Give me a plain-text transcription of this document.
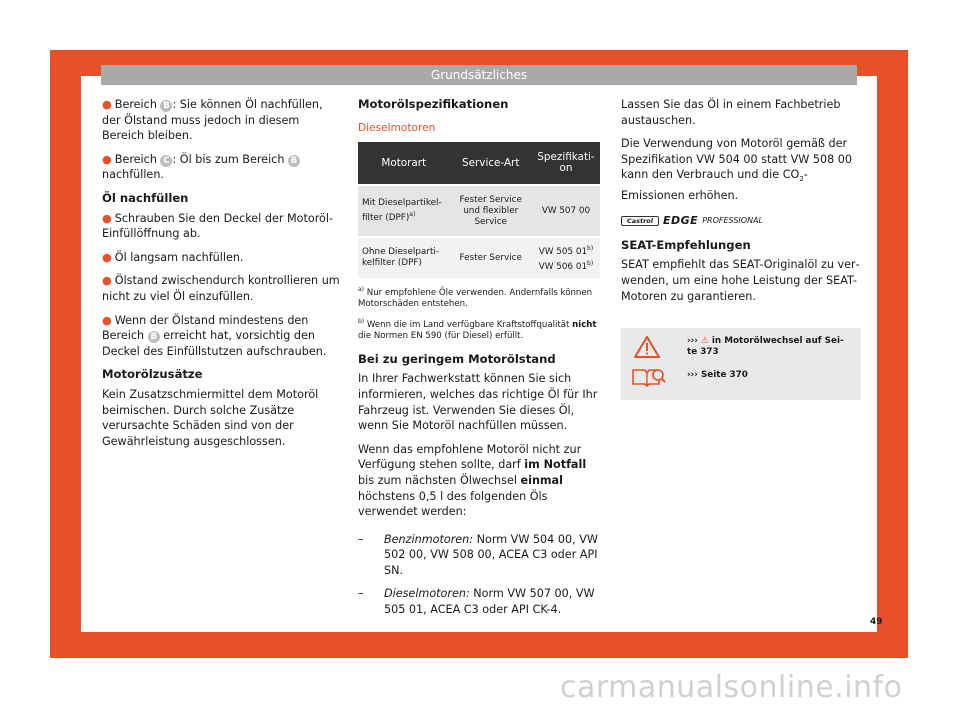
Grundsätzliches

● Bereich B : Sie können Öl nachfüllen, der Ölstand muss jedoch in diesem Bereich bleiben.

● Bereich C : Öl bis zum Bereich B nachfüllen.

Öl nachfüllen

● Schrauben Sie den Deckel der Motoröl-Einfüllöffnung ab.

● Öl langsam nachfüllen.

● Ölstand zwischendurch kontrollieren um nicht zu viel Öl einzufüllen.

● Wenn der Ölstand mindestens den Bereich B erreicht hat, vorsichtig den Deckel des Einfüllstutzen aufschrauben.

Motorölzusätze

Kein Zusatzschmiermittel dem Motoröl beimischen. Durch solche Zusätze verursachte Schäden sind von der Gewährleistung ausgeschlossen.

Motorölspezifikationen
Dieselmotoren
Motorart	Service-Art	Spezifikation

Mit Dieselpartikelfilter (DPF)$^{a)}$	Fester Service und flexibler Service	VW 507 00

Ohne Dieselpartikelfilter (DPF)	Fester Service	VW 505 01$^{b)}$
VW 506 01$^{b)}$
$^{a)}$ Nur empfohlene Öle verwenden. Andernfalls können Motorschäden entstehen.
$^{b)}$ Wenn die im Land verfügbare Kraftstoffqualität nicht die Normen EN 590 (für Diesel) erfüllt.
Bei zu geringem Motorölstand

In Ihrer Fachwerkstatt können Sie sich informieren, welches das richtige Öl für Ihr Fahrzeug ist. Verwenden Sie dieses Öl, wenn Sie Motoröl nachfüllen müssen.

Wenn das empfohlene Motoröl nicht zur Verfügung stehen sollte, darf im Notfall bis zum nächsten Ölwechsel einmal höchstens 0,5 l des folgenden Öls verwendet werden:

–	Benzinmotoren: Norm VW 504 00, VW 502 00, VW 508 00, ACEA C3 oder API SN.
–	Dieselmotoren: Norm VW 507 00, VW 505 01, ACEA C3 oder API CK-4.

Lassen Sie das Öl in einem Fachbetrieb austauschen.

Die Verwendung von Motoröl gemäß der Spezifikation VW 504 00 statt VW 508 00 kann den Verbrauch und die $CO_2$-Emissionen erhöhen.

Castrol EDGE PROFESSIONAL
SEAT-Empfehlungen

SEAT empfiehlt das SEAT-Originalöl zu verwenden, um eine hohe Leistung der SEAT-Motoren zu garantieren.

››› ⚠ in Motorölwechsel auf Seite 373
››› Seite 370
49
carmanualsonline.info
